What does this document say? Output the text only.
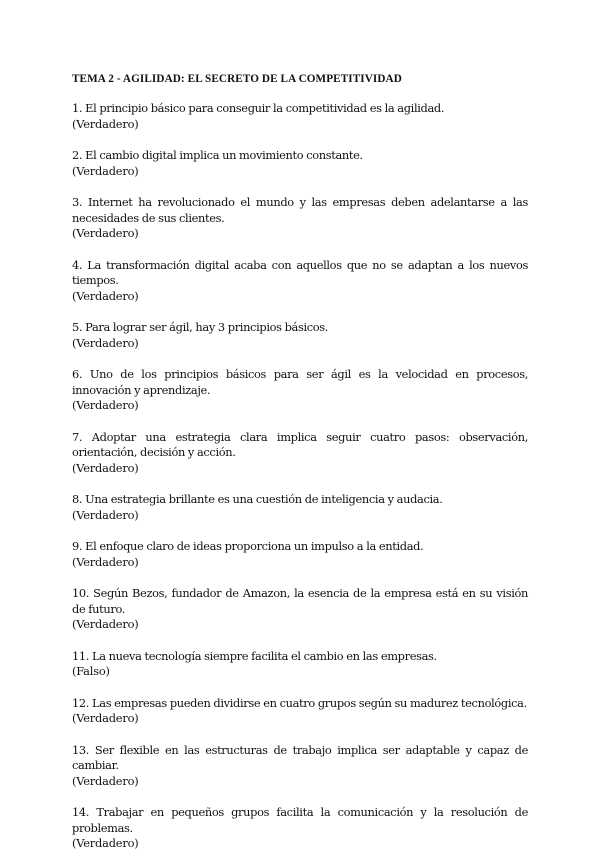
TEMA 2 - AGILIDAD: EL SECRETO DE LA COMPETITIVIDAD
1. El principio básico para conseguir la competitividad es la agilidad.
(Verdadero)
2. El cambio digital implica un movimiento constante.
(Verdadero)
3. Internet ha revolucionado el mundo y las empresas deben adelantarse a las necesidades de sus clientes.
(Verdadero)
4. La transformación digital acaba con aquellos que no se adaptan a los nuevos tiempos.
(Verdadero)
5. Para lograr ser ágil, hay 3 principios básicos.
(Verdadero)
6. Uno de los principios básicos para ser ágil es la velocidad en procesos, innovación y aprendizaje.
(Verdadero)
7. Adoptar una estrategia clara implica seguir cuatro pasos: observación, orientación, decisión y acción.
(Verdadero)
8. Una estrategia brillante es una cuestión de inteligencia y audacia.
(Verdadero)
9. El enfoque claro de ideas proporciona un impulso a la entidad.
(Verdadero)
10. Según Bezos, fundador de Amazon, la esencia de la empresa está en su visión de futuro.
(Verdadero)
11. La nueva tecnología siempre facilita el cambio en las empresas.
(Falso)
12. Las empresas pueden dividirse en cuatro grupos según su madurez tecnológica.
(Verdadero)
13. Ser flexible en las estructuras de trabajo implica ser adaptable y capaz de cambiar.
(Verdadero)
14. Trabajar en pequeños grupos facilita la comunicación y la resolución de problemas.
(Verdadero)
